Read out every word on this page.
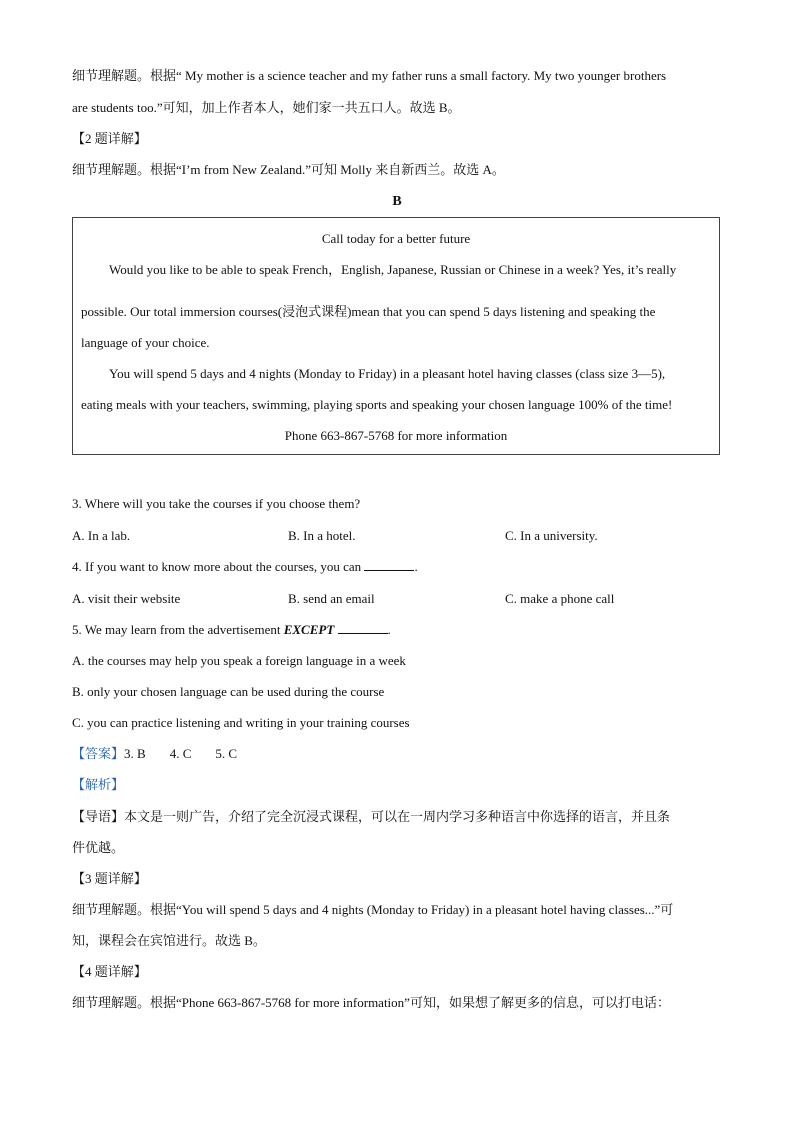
细节理解题。根据“ My mother is a science teacher and my father runs a small factory. My two younger brothers
are students too.”可知，加上作者本人，她们家一共五口人。故选 B。
【2 题详解】
细节理解题。根据“I’m from New Zealand.”可知 Molly 来自新西兰。故选 A。
B
Call today for a better future
Would you like to be able to speak French，English, Japanese, Russian or Chinese in a week? Yes, it’s really
possible. Our total immersion courses(浸泡式课程)mean that you can spend 5 days listening and speaking the
language of your choice.
You will spend 5 days and 4 nights (Monday to Friday) in a pleasant hotel having classes (class size 3—5),
eating meals with your teachers, swimming, playing sports and speaking your chosen language 100% of the time!
Phone 663-867-5768 for more information
3. Where will you take the courses if you choose them?
A. In a lab.	B. In a hotel.	C. In a university.
4. If you want to know more about the courses, you can	.
A. visit their website	B. send an email	C. make a phone call
5. We may learn from the advertisement EXCEPT	.
A. the courses may help you speak a foreign language in a week
B. only your chosen language can be used during the course
C. you can practice listening and writing in your training courses
【答案】3. B 4. C 5. C
【解析】
【导语】本文是一则广告，介绍了完全沉浸式课程，可以在一周内学习多种语言中你选择的语言，并且条
件优越。
【3 题详解】
细节理解题。根据“You will spend 5 days and 4 nights (Monday to Friday) in a pleasant hotel having classes...”可
知，课程会在宾馆进行。故选 B。
【4 题详解】
细节理解题。根据“Phone 663-867-5768 for more information”可知，如果想了解更多的信息，可以打电话：
